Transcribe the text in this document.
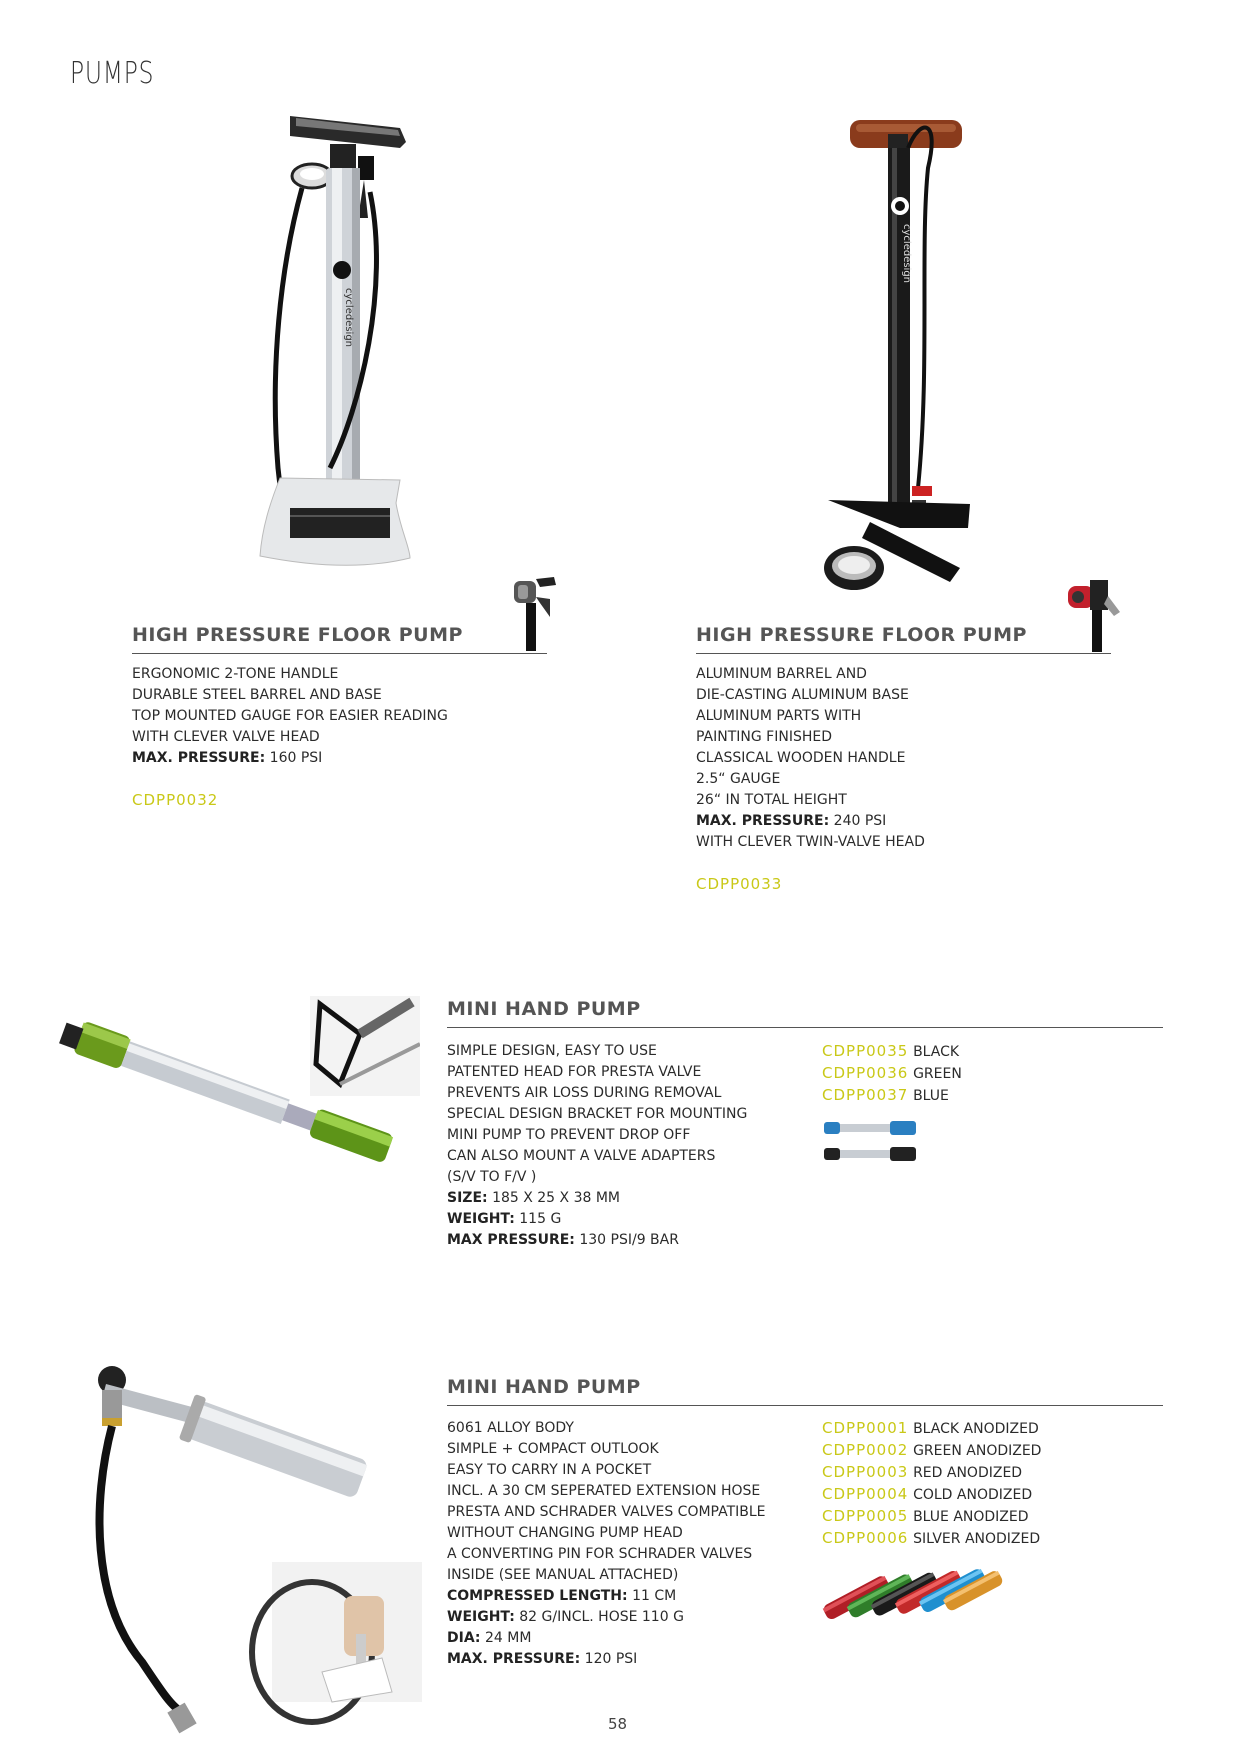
PUMPS
cycledesign
HIGH PRESSURE FLOOR PUMP
ERGONOMIC 2-TONE HANDLE
DURABLE STEEL BARREL AND BASE
TOP MOUNTED GAUGE FOR EASIER READING
WITH CLEVER VALVE HEAD
MAX. PRESSURE: 160 PSI
CDPP0032
cycledesign
HIGH PRESSURE FLOOR PUMP
ALUMINUM BARREL AND
DIE-CASTING ALUMINUM BASE
ALUMINUM PARTS WITH
PAINTING FINISHED
CLASSICAL WOODEN HANDLE
2.5“ GAUGE
26“ IN TOTAL HEIGHT
MAX. PRESSURE: 240 PSI
WITH CLEVER TWIN-VALVE HEAD
CDPP0033
MINI HAND PUMP
SIMPLE DESIGN, EASY TO USE
PATENTED HEAD FOR PRESTA VALVE
PREVENTS AIR LOSS DURING REMOVAL
SPECIAL DESIGN BRACKET FOR MOUNTING
MINI PUMP TO PREVENT DROP OFF
CAN ALSO MOUNT A VALVE ADAPTERS
(S/V TO F/V )
SIZE: 185 X 25 X 38 MM
WEIGHT: 115 G
MAX PRESSURE: 130 PSI/9 BAR
CDPP0035 BLACK
CDPP0036 GREEN
CDPP0037 BLUE
MINI HAND PUMP
6061 ALLOY BODY
SIMPLE + COMPACT OUTLOOK
EASY TO CARRY IN A POCKET
INCL. A 30 CM SEPERATED EXTENSION HOSE
PRESTA AND SCHRADER VALVES COMPATIBLE
WITHOUT CHANGING PUMP HEAD
A CONVERTING PIN FOR SCHRADER VALVES
INSIDE (SEE MANUAL ATTACHED)
COMPRESSED LENGTH: 11 CM
WEIGHT: 82 G/INCL. HOSE 110 G
DIA: 24 MM
MAX. PRESSURE: 120 PSI
CDPP0001 BLACK ANODIZED
CDPP0002 GREEN ANODIZED
CDPP0003 RED ANODIZED
CDPP0004 COLD ANODIZED
CDPP0005 BLUE ANODIZED
CDPP0006 SILVER ANODIZED
58
